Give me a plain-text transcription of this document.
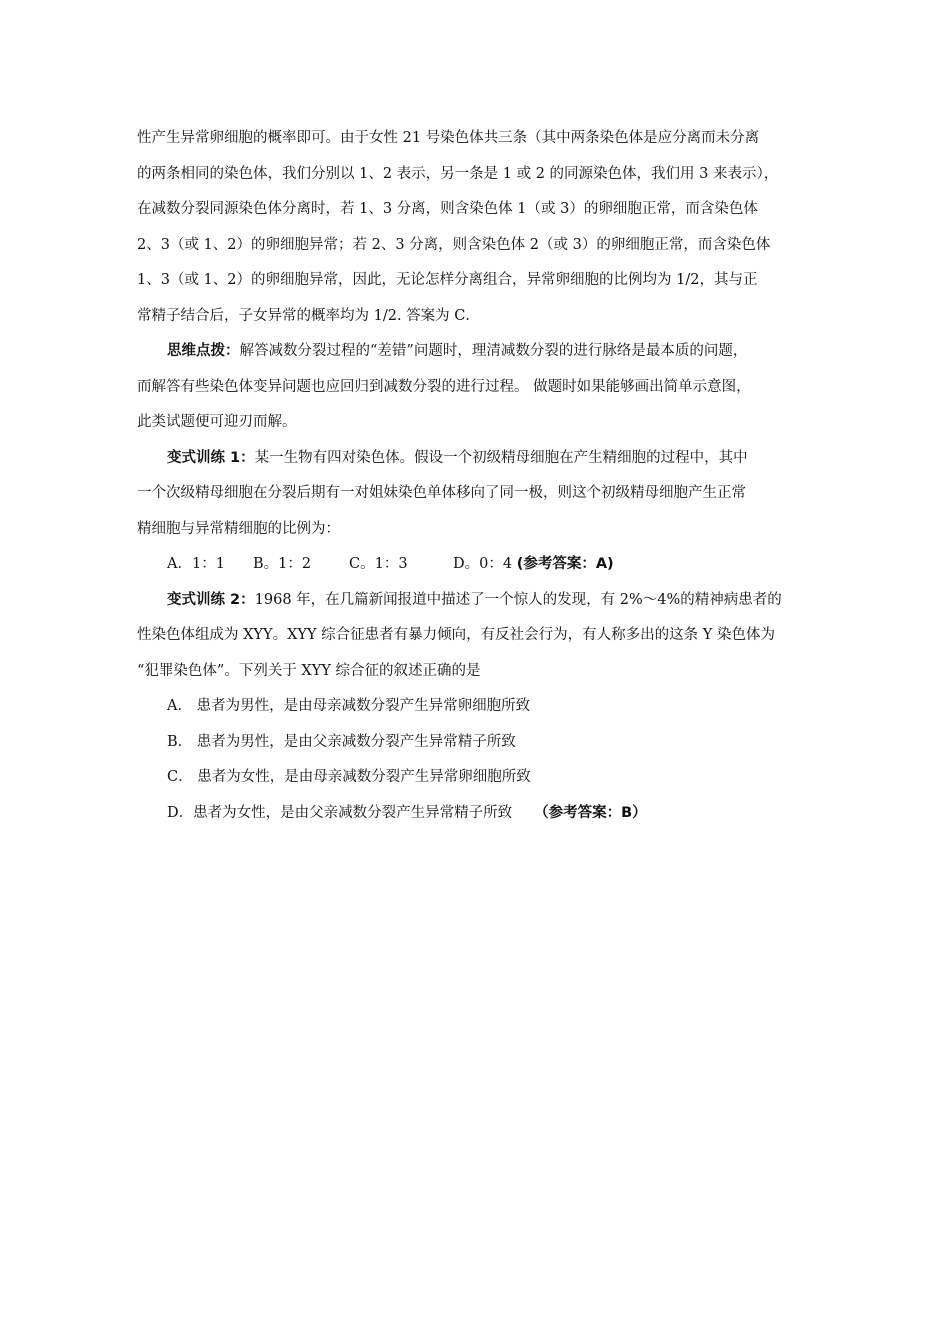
性产生异常卵细胞的概率即可。由于女性 21 号染色体共三条（其中两条染色体是应分离而未分离
的两条相同的染色体，我们分别以 1、2 表示，另一条是 1 或 2 的同源染色体，我们用 3 来表示），
在减数分裂同源染色体分离时，若 1、3 分离，则含染色体 1（或 3）的卵细胞正常，而含染色体
2、3（或 1、2）的卵细胞异常；若 2、3 分离，则含染色体 2（或 3）的卵细胞正常，而含染色体
1、3（或 1、2）的卵细胞异常，因此，无论怎样分离组合，异常卵细胞的比例均为 1/2，其与正
常精子结合后，子女异常的概率均为 1/2. 答案为 C．
思维点拨：解答减数分裂过程的“差错”问题时，理清减数分裂的进行脉络是最本质的问题，
而解答有些染色体变异问题也应回归到减数分裂的进行过程。 做题时如果能够画出简单示意图，
此类试题便可迎刃而解。
变式训练 1：某一生物有四对染色体。假设一个初级精母细胞在产生精细胞的过程中，其中
一个次级精母细胞在分裂后期有一对姐妹染色单体移向了同一极，则这个初级精母细胞产生正常
精细胞与异常精细胞的比例为：
A．1：1 B。1：2	C。1：3	D。0：4 (参考答案：A)
变式训练 2：1968 年，在几篇新闻报道中描述了一个惊人的发现，有 2%～4%的精神病患者的
性染色体组成为 XYY。XYY 综合征患者有暴力倾向，有反社会行为，有人称多出的这条 Y 染色体为
“犯罪染色体”。下列关于 XYY 综合征的叙述正确的是
A． 患者为男性，是由母亲减数分裂产生异常卵细胞所致
B． 患者为男性，是由父亲减数分裂产生异常精子所致
C． 患者为女性，是由母亲减数分裂产生异常卵细胞所致
D．患者为女性，是由父亲减数分裂产生异常精子所致 （参考答案：B）
